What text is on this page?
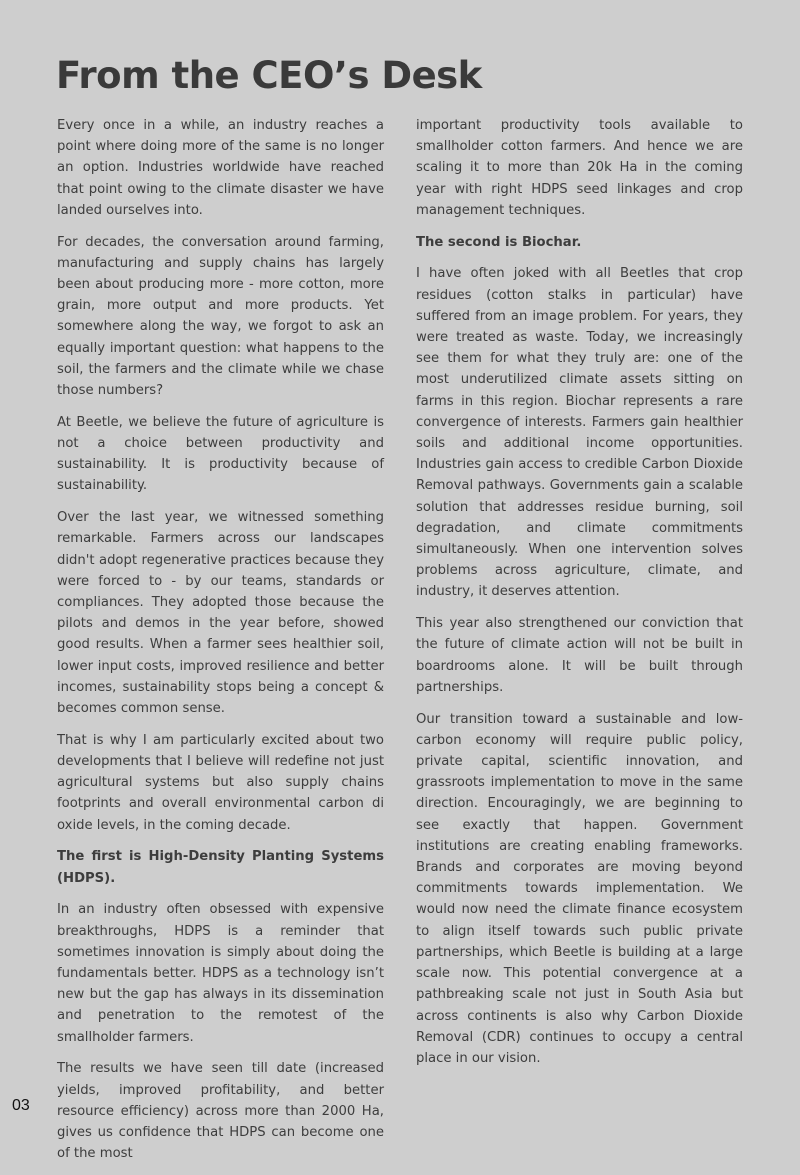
From the CEO’s Desk

Every once in a while, an industry reaches a point where doing more of the same is no longer an option. Industries worldwide have reached that point owing to the climate disaster we have landed ourselves into.

For decades, the conversation around farming, manufacturing and supply chains has largely been about producing more - more cotton, more grain, more output and more products. Yet somewhere along the way, we forgot to ask an equally important question: what happens to the soil, the farmers and the climate while we chase those numbers?

At Beetle, we believe the future of agriculture is not a choice between productivity and sustainability. It is productivity because of sustainability.

Over the last year, we witnessed something remarkable. Farmers across our landscapes didn't adopt regenerative practices because they were forced to - by our teams, standards or compliances. They adopted those because the pilots and demos in the year before, showed good results. When a farmer sees healthier soil, lower input costs, improved resilience and better incomes, sustainability stops being a concept & becomes common sense.

That is why I am particularly excited about two developments that I believe will redefine not just agricultural systems but also supply chains footprints and overall environmental carbon di oxide levels, in the coming decade.

The first is High-Density Planting Systems (HDPS).

In an industry often obsessed with expensive breakthroughs, HDPS is a reminder that sometimes innovation is simply about doing the fundamentals better. HDPS as a technology isn’t new but the gap has always in its dissemination and penetration to the remotest of the smallholder farmers.

The results we have seen till date (increased yields, improved profitability, and better resource efficiency) across more than 2000 Ha, gives us confidence that HDPS can become one of the most

important productivity tools available to smallholder cotton farmers. And hence we are scaling it to more than 20k Ha in the coming year with right HDPS seed linkages and crop management techniques.

The second is Biochar.

I have often joked with all Beetles that crop residues (cotton stalks in particular) have suffered from an image problem. For years, they were treated as waste. Today, we increasingly see them for what they truly are: one of the most underutilized climate assets sitting on farms in this region. Biochar represents a rare convergence of interests. Farmers gain healthier soils and additional income opportunities. Industries gain access to credible Carbon Dioxide Removal pathways. Governments gain a scalable solution that addresses residue burning, soil degradation, and climate commitments simultaneously. When one intervention solves problems across agriculture, climate, and industry, it deserves attention.

This year also strengthened our conviction that the future of climate action will not be built in boardrooms alone. It will be built through partnerships.

Our transition toward a sustainable and low-carbon economy will require public policy, private capital, scientific innovation, and grassroots implementation to move in the same direction. Encouragingly, we are beginning to see exactly that happen. Government institutions are creating enabling frameworks. Brands and corporates are moving beyond commitments towards implementation. We would now need the climate finance ecosystem to align itself towards such public private partnerships, which Beetle is building at a large scale now. This potential convergence at a pathbreaking scale not just in South Asia but across continents is also why Carbon Dioxide Removal (CDR) continues to occupy a central place in our vision.

03
